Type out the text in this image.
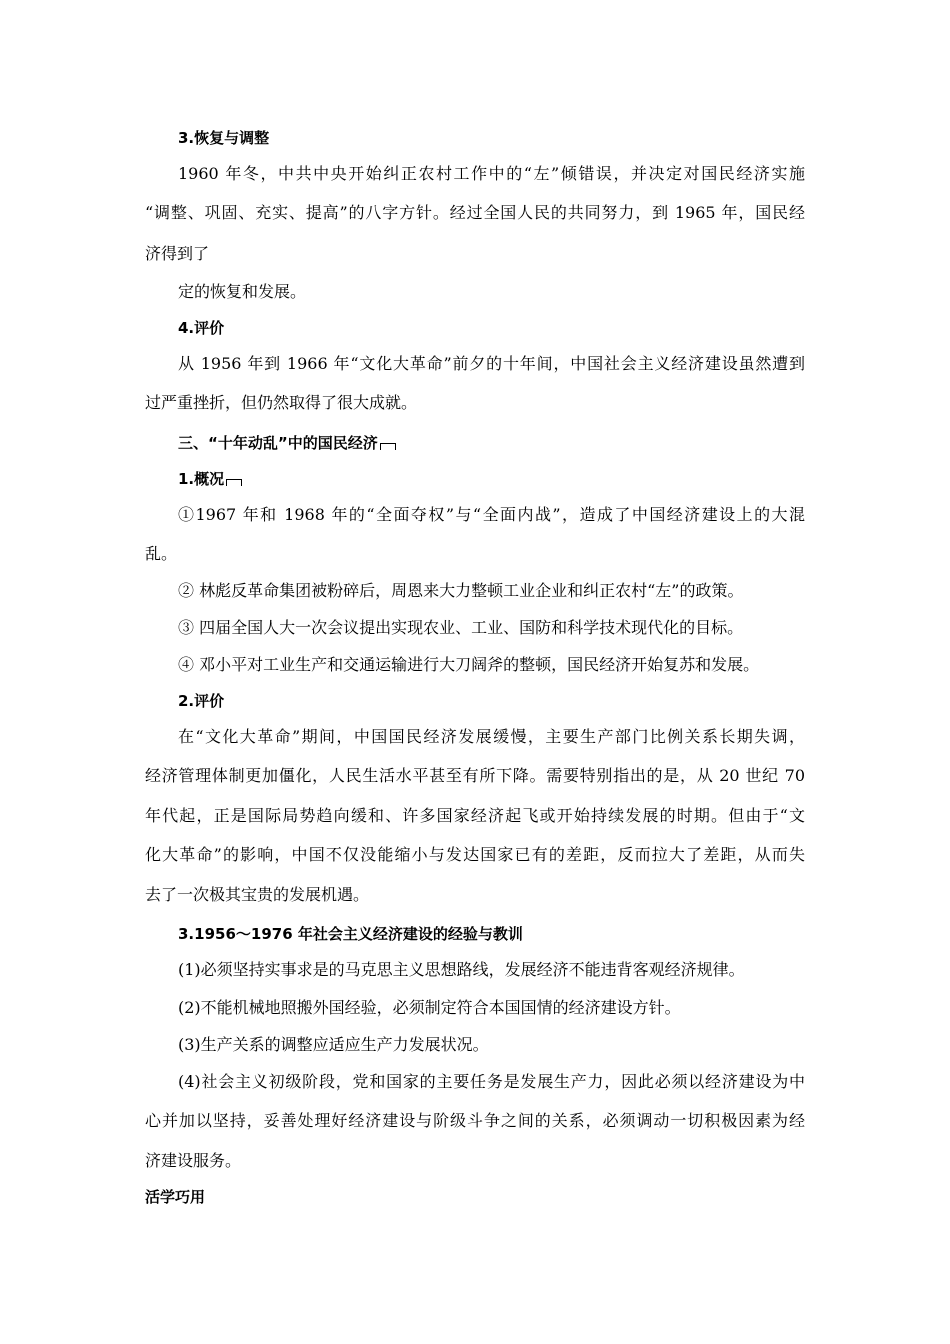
3.恢复与调整
1960 年冬，中共中央开始纠正农村工作中的“左”倾错误，并决定对国民经济实施
“调整、巩固、充实、提高”的八字方针。经过全国人民的共同努力，到 1965 年，国民经
济得到了
定的恢复和发展。
4.评价
从 1956 年到 1966 年“文化大革命”前夕的十年间，中国社会主义经济建设虽然遭到
过严重挫折，但仍然取得了很大成就。
三、“十年动乱”中的国民经济
1.概况
①1967 年和 1968 年的“全面夺权”与“全面内战”，造成了中国经济建设上的大混
乱。
② 林彪反革命集团被粉碎后，周恩来大力整顿工业企业和纠正农村“左”的政策。
③ 四届全国人大一次会议提出实现农业、工业、国防和科学技术现代化的目标。
④ 邓小平对工业生产和交通运输进行大刀阔斧的整顿，国民经济开始复苏和发展。
2.评价
在“文化大革命”期间，中国国民经济发展缓慢，主要生产部门比例关系长期失调，
经济管理体制更加僵化，人民生活水平甚至有所下降。需要特别指出的是，从 20 世纪 70
年代起，正是国际局势趋向缓和、许多国家经济起飞或开始持续发展的时期。但由于“文
化大革命”的影响，中国不仅没能缩小与发达国家已有的差距，反而拉大了差距，从而失
去了一次极其宝贵的发展机遇。
3.1956～1976 年社会主义经济建设的经验与教训
(1)必须坚持实事求是的马克思主义思想路线，发展经济不能违背客观经济规律。
(2)不能机械地照搬外国经验，必须制定符合本国国情的经济建设方针。
(3)生产关系的调整应适应生产力发展状况。
(4)社会主义初级阶段，党和国家的主要任务是发展生产力，因此必须以经济建设为中
心并加以坚持，妥善处理好经济建设与阶级斗争之间的关系，必须调动一切积极因素为经
济建设服务。
活学巧用
